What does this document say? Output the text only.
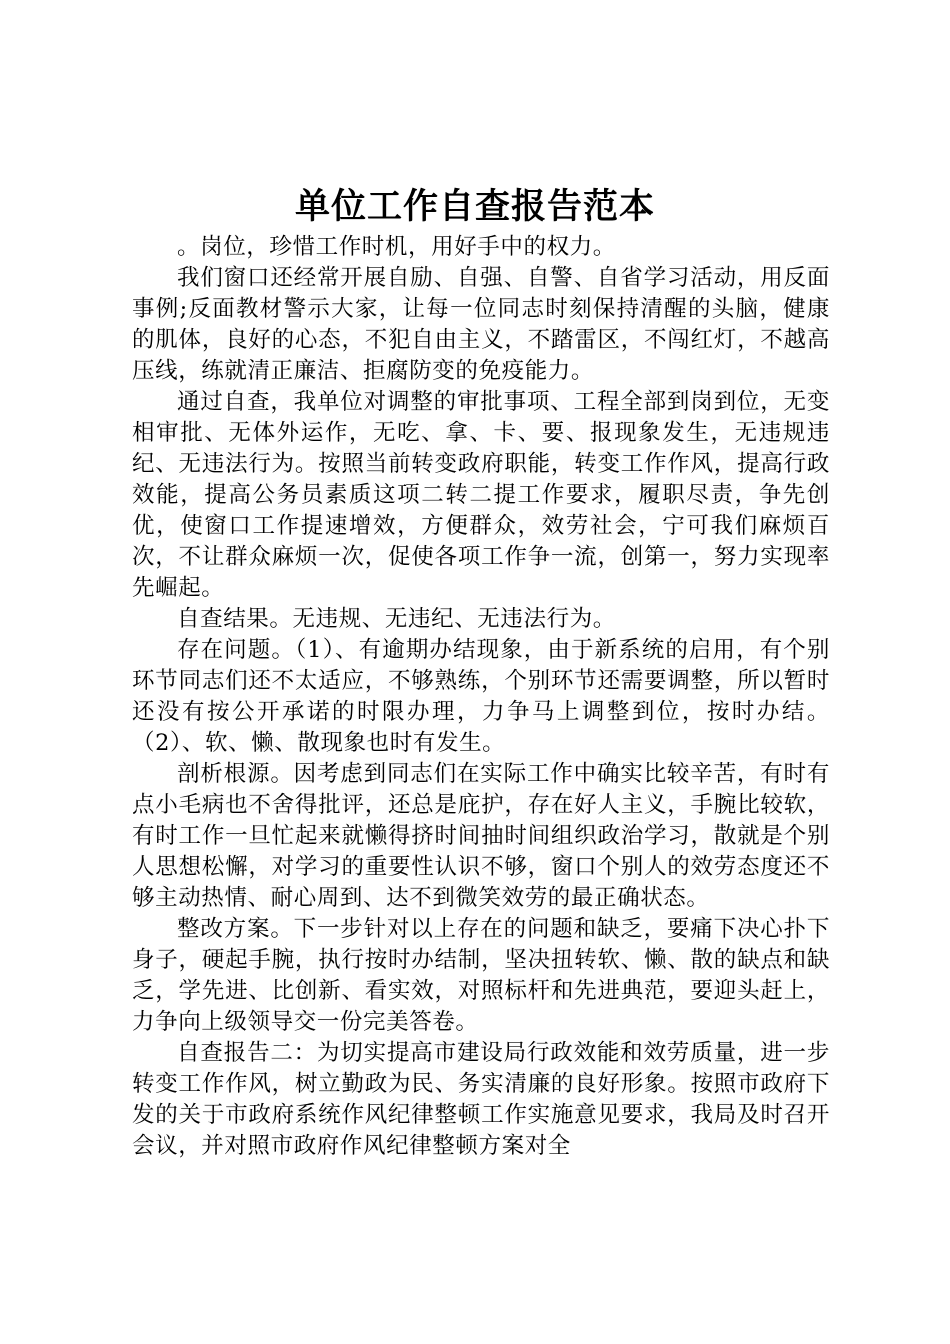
单位工作自查报告范本

。岗位，珍惜工作时机，用好手中的权力。

我们窗口还经常开展自励、自强、自警、自省学习活动，用反面事例;反面教材警示大家，让每一位同志时刻保持清醒的头脑，健康的肌体，良好的心态，不犯自由主义，不踏雷区，不闯红灯，不越高压线，练就清正廉洁、拒腐防变的免疫能力。

通过自查，我单位对调整的审批事项、工程全部到岗到位，无变相审批、无体外运作，无吃、拿、卡、要、报现象发生，无违规违纪、无违法行为。按照当前转变政府职能，转变工作作风，提高行政效能，提高公务员素质这项二转二提工作要求，履职尽责，争先创优，使窗口工作提速增效，方便群众，效劳社会，宁可我们麻烦百次，不让群众麻烦一次，促使各项工作争一流，创第一，努力实现率先崛起。

自查结果。无违规、无违纪、无违法行为。

存在问题。（1）、有逾期办结现象，由于新系统的启用，有个别环节同志们还不太适应，不够熟练，个别环节还需要调整，所以暂时还没有按公开承诺的时限办理，力争马上调整到位，按时办结。（2）、软、懒、散现象也时有发生。

剖析根源。因考虑到同志们在实际工作中确实比较辛苦，有时有点小毛病也不舍得批评，还总是庇护，存在好人主义，手腕比较软，有时工作一旦忙起来就懒得挤时间抽时间组织政治学习，散就是个别人思想松懈，对学习的重要性认识不够，窗口个别人的效劳态度还不够主动热情、耐心周到、达不到微笑效劳的最正确状态。

整改方案。下一步针对以上存在的问题和缺乏，要痛下决心扑下身子，硬起手腕，执行按时办结制，坚决扭转软、懒、散的缺点和缺乏，学先进、比创新、看实效，对照标杆和先进典范，要迎头赶上，力争向上级领导交一份完美答卷。

自查报告二：为切实提高市建设局行政效能和效劳质量，进一步转变工作作风，树立勤政为民、务实清廉的良好形象。按照市政府下发的关于市政府系统作风纪律整顿工作实施意见要求，我局及时召开会议，并对照市政府作风纪律整顿方案对全
